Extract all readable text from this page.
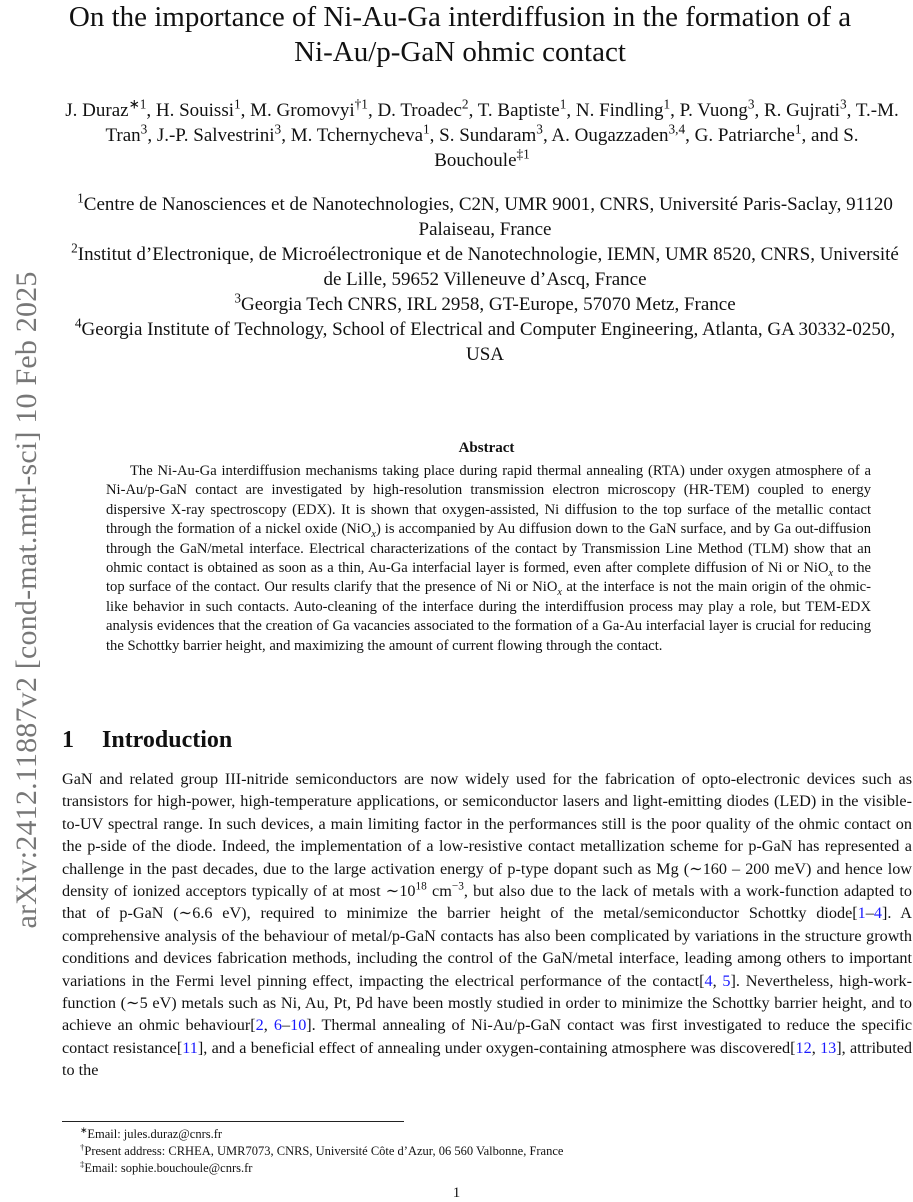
arXiv:2412.11887v2 [cond-mat.mtrl-sci] 10 Feb 2025
On the importance of Ni-Au-Ga interdiffusion in the formation of a
Ni-Au/p-GaN ohmic contact
J. Duraz$^{∗1}$, H. Souissi$^1$, M. Gromovyi$^{\dagger 1}$, D. Troadec$^2$, T. Baptiste$^1$, N. Findling$^1$, P. Vuong$^3$, R. Gujrati$^3$, T.-M. Tran$^3$, J.-P. Salvestrini$^3$, M. Tchernycheva$^1$, S. Sundaram$^3$, A. Ougazzaden$^{3,4}$, G. Patriarche$^1$, and S. Bouchoule$^{\ddagger 1}$
$^1$Centre de Nanosciences et de Nanotechnologies, C2N, UMR 9001, CNRS, Université Paris-Saclay, 91120 Palaiseau, France
$^2$Institut d’Electronique, de Microélectronique et de Nanotechnologie, IEMN, UMR 8520, CNRS, Université de Lille, 59652 Villeneuve d’Ascq, France
$^3$Georgia Tech CNRS, IRL 2958, GT-Europe, 57070 Metz, France
$^4$Georgia Institute of Technology, School of Electrical and Computer Engineering, Atlanta, GA 30332-0250, USA
Abstract

The Ni-Au-Ga interdiffusion mechanisms taking place during rapid thermal annealing (RTA) under oxygen atmosphere of a Ni-Au/p-GaN contact are investigated by high-resolution transmission electron microscopy (HR-TEM) coupled to energy dispersive X-ray spectroscopy (EDX). It is shown that oxygen-assisted, Ni diffusion to the top surface of the metallic contact through the formation of a nickel oxide (NiO$_x$) is accompanied by Au diffusion down to the GaN surface, and by Ga out-diffusion through the GaN/metal interface. Electrical characterizations of the contact by Transmission Line Method (TLM) show that an ohmic contact is obtained as soon as a thin, Au-Ga interfacial layer is formed, even after complete diffusion of Ni or NiO$_x$ to the top surface of the contact. Our results clarify that the presence of Ni or NiO$_x$ at the interface is not the main origin of the ohmic-like behavior in such contacts. Auto-cleaning of the interface during the interdiffusion process may play a role, but TEM-EDX analysis evidences that the creation of Ga vacancies associated to the formation of a Ga-Au interfacial layer is crucial for reducing the Schottky barrier height, and maximizing the amount of current flowing through the contact.

1 Introduction

GaN and related group III-nitride semiconductors are now widely used for the fabrication of opto-electronic devices such as transistors for high-power, high-temperature applications, or semiconductor lasers and light-emitting diodes (LED) in the visible-to-UV spectral range. In such devices, a main limiting factor in the performances still is the poor quality of the ohmic contact on the p-side of the diode. Indeed, the implementation of a low-resistive contact metallization scheme for p-GaN has represented a challenge in the past decades, due to the large activation energy of p-type dopant such as Mg (∼160 – 200 meV) and hence low density of ionized acceptors typically of at most $\sim 10^{18}$ $cm^{-3}$, but also due to the lack of metals with a work-function adapted to that of p-GaN (∼6.6 eV), required to minimize the barrier height of the metal/semiconductor Schottky diode[1–4]. A comprehensive analysis of the behaviour of metal/p-GaN contacts has also been complicated by variations in the structure growth conditions and devices fabrication methods, including the control of the GaN/metal interface, leading among others to important variations in the Fermi level pinning effect, impacting the electrical performance of the contact[4, 5]. Nevertheless, high-work-function (∼5 eV) metals such as Ni, Au, Pt, Pd have been mostly studied in order to minimize the Schottky barrier height, and to achieve an ohmic behaviour[2, 6–10]. Thermal annealing of Ni-Au/p-GaN contact was first investigated to reduce the specific contact resistance[11], and a beneficial effect of annealing under oxygen-containing atmosphere was discovered[12, 13], attributed to the

∗Email: jules.duraz@cnrs.fr
†Present address: CRHEA, UMR7073, CNRS, Université Côte d’Azur, 06 560 Valbonne, France
‡Email: sophie.bouchoule@cnrs.fr
1
